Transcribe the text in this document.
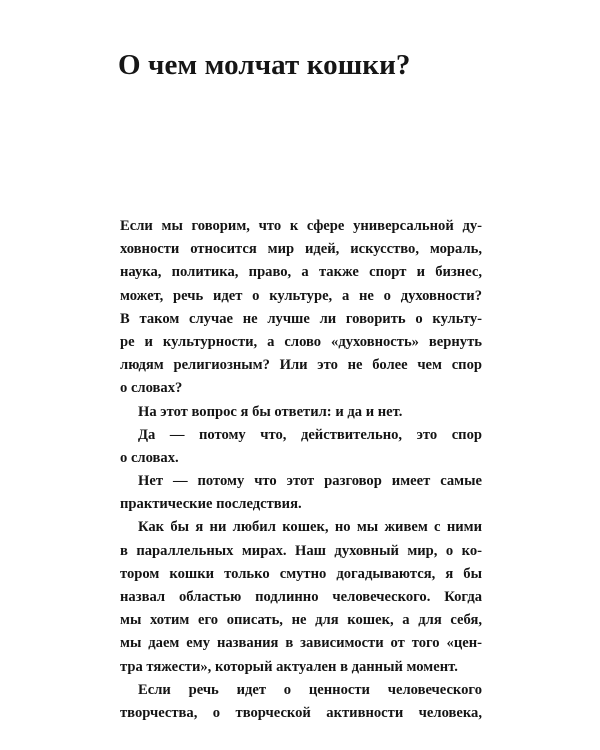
О чем молчат кошки?
Если мы говорим, что к сфере универсальной ду-
ховности относится мир идей, искусство, мораль,
наука, политика, право, а также спорт и бизнес,
может, речь идет о культуре, а не о духовности?
В таком случае не лучше ли говорить о культу-
ре и культурности, а слово «духовность» вернуть
людям религиозным? Или это не более чем спор
о словах?
На этот вопрос я бы ответил: и да и нет.
Да — потому что, действительно, это спор
о словах.
Нет — потому что этот разговор имеет самые
практические последствия.
Как бы я ни любил кошек, но мы живем с ними
в параллельных мирах. Наш духовный мир, о ко-
тором кошки только смутно догадываются, я бы
назвал областью подлинно человеческого. Когда
мы хотим его описать, не для кошек, а для себя,
мы даем ему названия в зависимости от того «цен-
тра тяжести», который актуален в данный момент.
Если речь идет о ценности человеческого
творчества, о творческой активности человека,
